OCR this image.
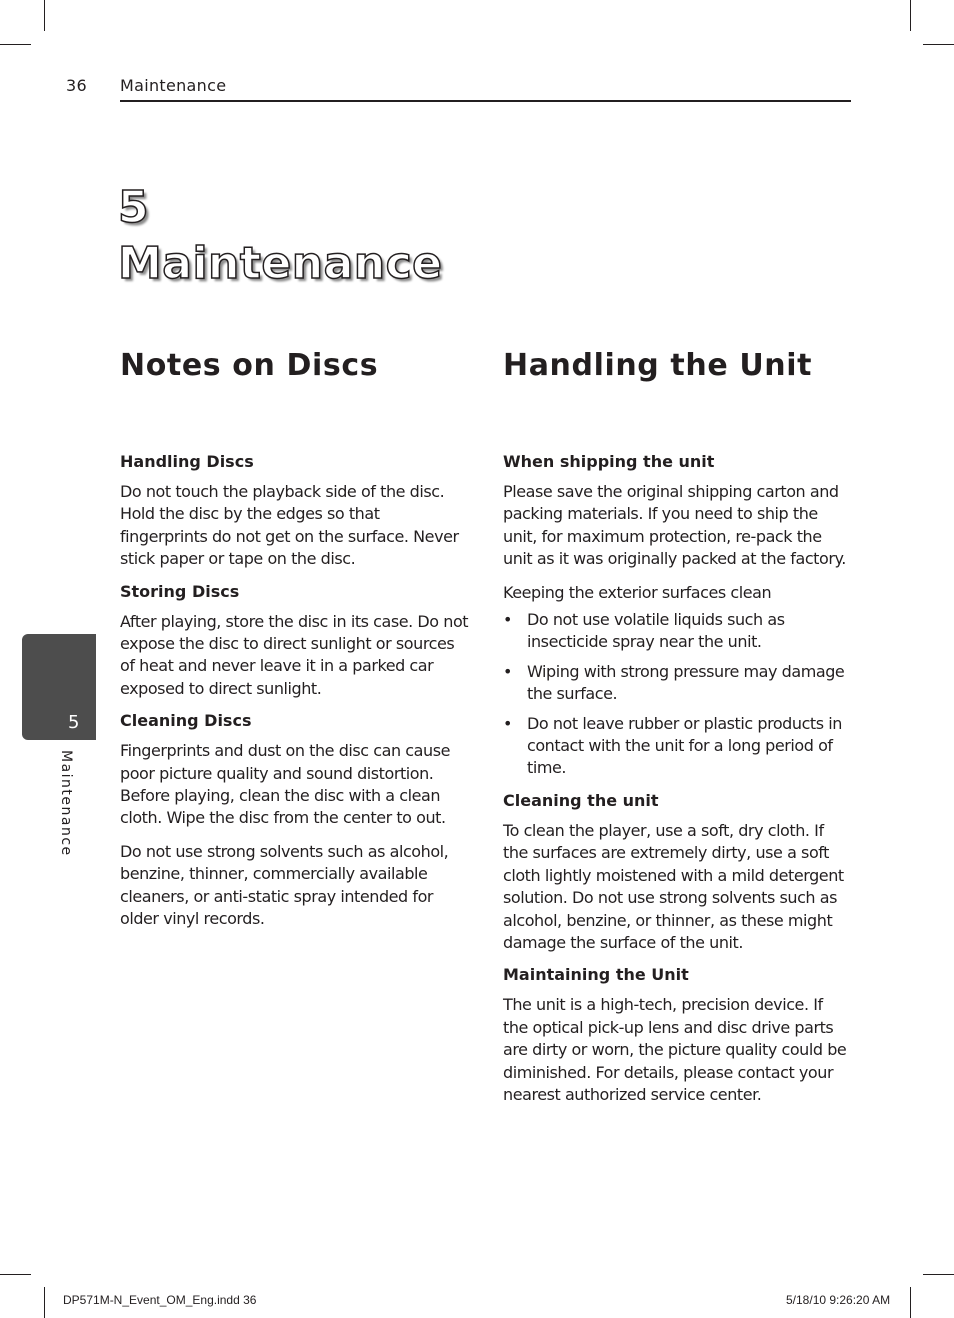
36 Maintenance
5
Maintenance
5
Maintenance
Notes on Discs
Handling Discs

Do not touch the playback side of the disc. Hold the disc by the edges so that fingerprints do not get on the surface. Never stick paper or tape on the disc.

Storing Discs

After playing, store the disc in its case. Do not expose the disc to direct sunlight or sources of heat and never leave it in a parked car exposed to direct sunlight.

Cleaning Discs

Fingerprints and dust on the disc can cause poor picture quality and sound distortion. Before playing, clean the disc with a clean cloth. Wipe the disc from the center to out.

Do not use strong solvents such as alcohol, benzine, thinner, commercially available cleaners, or anti-static spray intended for older vinyl records.

Handling the Unit
When shipping the unit

Please save the original shipping carton and packing materials. If you need to ship the unit, for maximum protection, re-pack the unit as it was originally packed at the factory.

Keeping the exterior surfaces clean

• Do not use volatile liquids such as insecticide spray near the unit.
• Wiping with strong pressure may damage the surface.
• Do not leave rubber or plastic products in contact with the unit for a long period of time.
Cleaning the unit

To clean the player, use a soft, dry cloth. If the surfaces are extremely dirty, use a soft cloth lightly moistened with a mild detergent solution. Do not use strong solvents such as alcohol, benzine, or thinner, as these might damage the surface of the unit.

Maintaining the Unit

The unit is a high-tech, precision device. If the optical pick-up lens and disc drive parts are dirty or worn, the picture quality could be diminished. For details, please contact your nearest authorized service center.

DP571M-N_Event_OM_Eng.indd 36	5/18/10 9:26:20 AM
